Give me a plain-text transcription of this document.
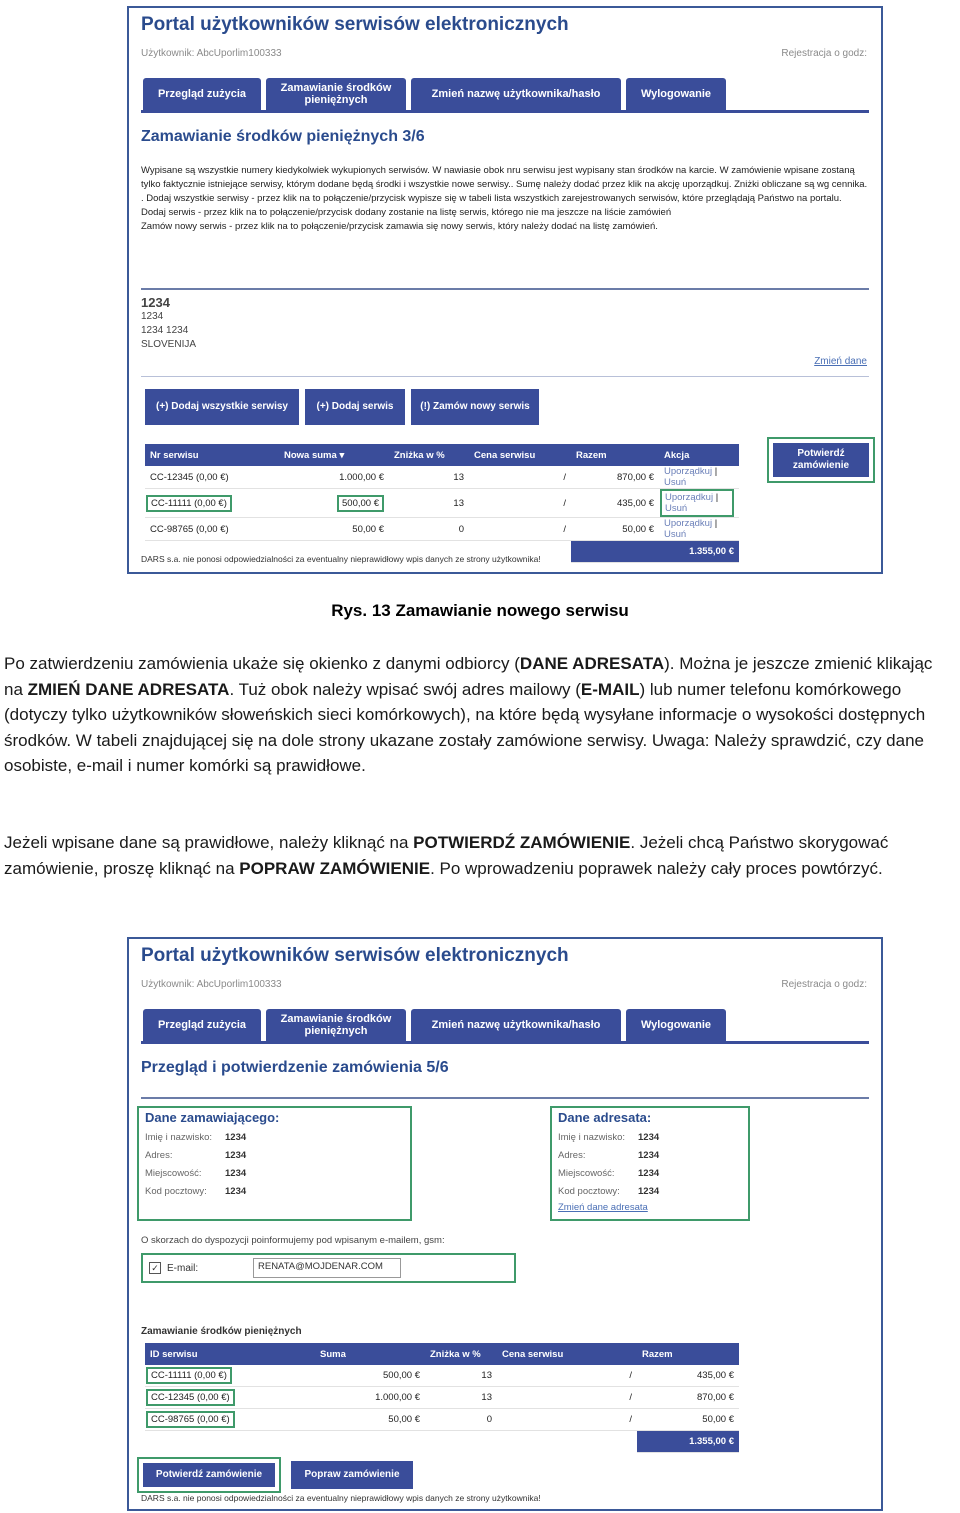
Portal użytkowników serwisów elektronicznych
Użytkownik: AbcUporlim100333	Rejestracja o godz:
Przegląd zużycia	Zamawianie środków pieniężnych	Zmień nazwę użytkownika/hasło	Wylogowanie
Zamawianie środków pieniężnych 3/6

Wypisane są wszystkie numery kiedykolwiek wykupionych serwisów. W nawiasie obok nru serwisu jest wypisany stan środków na karcie. W zamówienie wpisane zostaną tylko faktycznie istniejące serwisy, którym dodane będą środki i wszystkie nowe serwisy.. Sumę należy dodać przez klik na akcję uporządkuj. Zniżki obliczane są wg cennika.

. Dodaj wszystkie serwisy - przez klik na to połączenie/przycisk wypisze się w tabeli lista wszystkich zarejestrowanych serwisów, które przeglądają Państwo na portalu.

Dodaj serwis - przez klik na to połączenie/przycisk dodany zostanie na listę serwis, którego nie ma jeszcze na liście zamówień

Zamów nowy serwis - przez klik na to połączenie/przycisk zamawia się nowy serwis, który należy dodać na listę zamówień.

1234
1234
1234 1234
SLOVENIJA
Zmień dane
(+) Dodaj wszystkie serwisy	(+) Dodaj serwis	(!) Zamów nowy serwis
Nr serwisu	Nowa suma ▾	Zniżka w %	Cena serwisu	Razem	Akcja
CC-12345 (0,00 €)	1.000,00 €	13	/	870,00 €	Uporządkuj | Usuń
CC-11111 (0,00 €)	500,00 €	13	/	435,00 €	Uporządkuj | Usuń
CC-98765 (0,00 €)	50,00 €	0	/	50,00 €	Uporządkuj | Usuń
				1.355,00 €	
Potwierdź zamówienie
DARS s.a. nie ponosi odpowiedzialności za eventualny nieprawidłowy wpis danych ze strony użytkownika!
Rys. 13 Zamawianie nowego serwisu

Po zatwierdzeniu zamówienia ukaże się okienko z danymi odbiorcy (DANE ADRESATA). Można je jeszcze zmienić klikając na ZMIEŃ DANE ADRESATA. Tuż obok należy wpisać swój adres mailowy (E-MAIL) lub numer telefonu komórkowego (dotyczy tylko użytkowników słoweńskich sieci komórkowych), na które będą wysyłane informacje o wysokości dostępnych środków. W tabeli znajdującej się na dole strony ukazane zostały zamówione serwisy. Uwaga: Należy sprawdzić, czy dane osobiste, e-mail i numer komórki są prawidłowe.

Jeżeli wpisane dane są prawidłowe, należy kliknąć na POTWIERDŹ ZAMÓWIENIE. Jeżeli chcą Państwo skorygować zamówienie, proszę kliknąć na POPRAW ZAMÓWIENIE. Po wprowadzeniu poprawek należy cały proces powtórzyć.

Portal użytkowników serwisów elektronicznych
Użytkownik: AbcUporlim100333	Rejestracja o godz:
Przegląd zużycia	Zamawianie środków pieniężnych	Zmień nazwę użytkownika/hasło	Wylogowanie
Przegląd i potwierdzenie zamówienia 5/6
Dane zamawiającego:
Imię i nazwisko:	1234
Adres:	1234
Miejscowość:	1234
Kod pocztowy:	1234
Dane adresata:
Imię i nazwisko:	1234
Adres:	1234
Miejscowość:	1234
Kod pocztowy:	1234
Zmień dane adresata
O skorzach do dyspozycji poinformujemy pod wpisanym e-mailem, gsm:
✓ E-mail:	RENATA@MOJDENAR.COM
Zamawianie środków pieniężnych
ID serwisu	Suma	Zniżka w %	Cena serwisu	Razem
CC-11111 (0,00 €)	500,00 €	13	/	435,00 €
CC-12345 (0,00 €)	1.000,00 €	13	/	870,00 €
CC-98765 (0,00 €)	50,00 €	0	/	50,00 €
				1.355,00 €
Potwierdź zamówienie	Popraw zamówienie
DARS s.a. nie ponosi odpowiedzialności za eventualny nieprawidłowy wpis danych ze strony użytkownika!
